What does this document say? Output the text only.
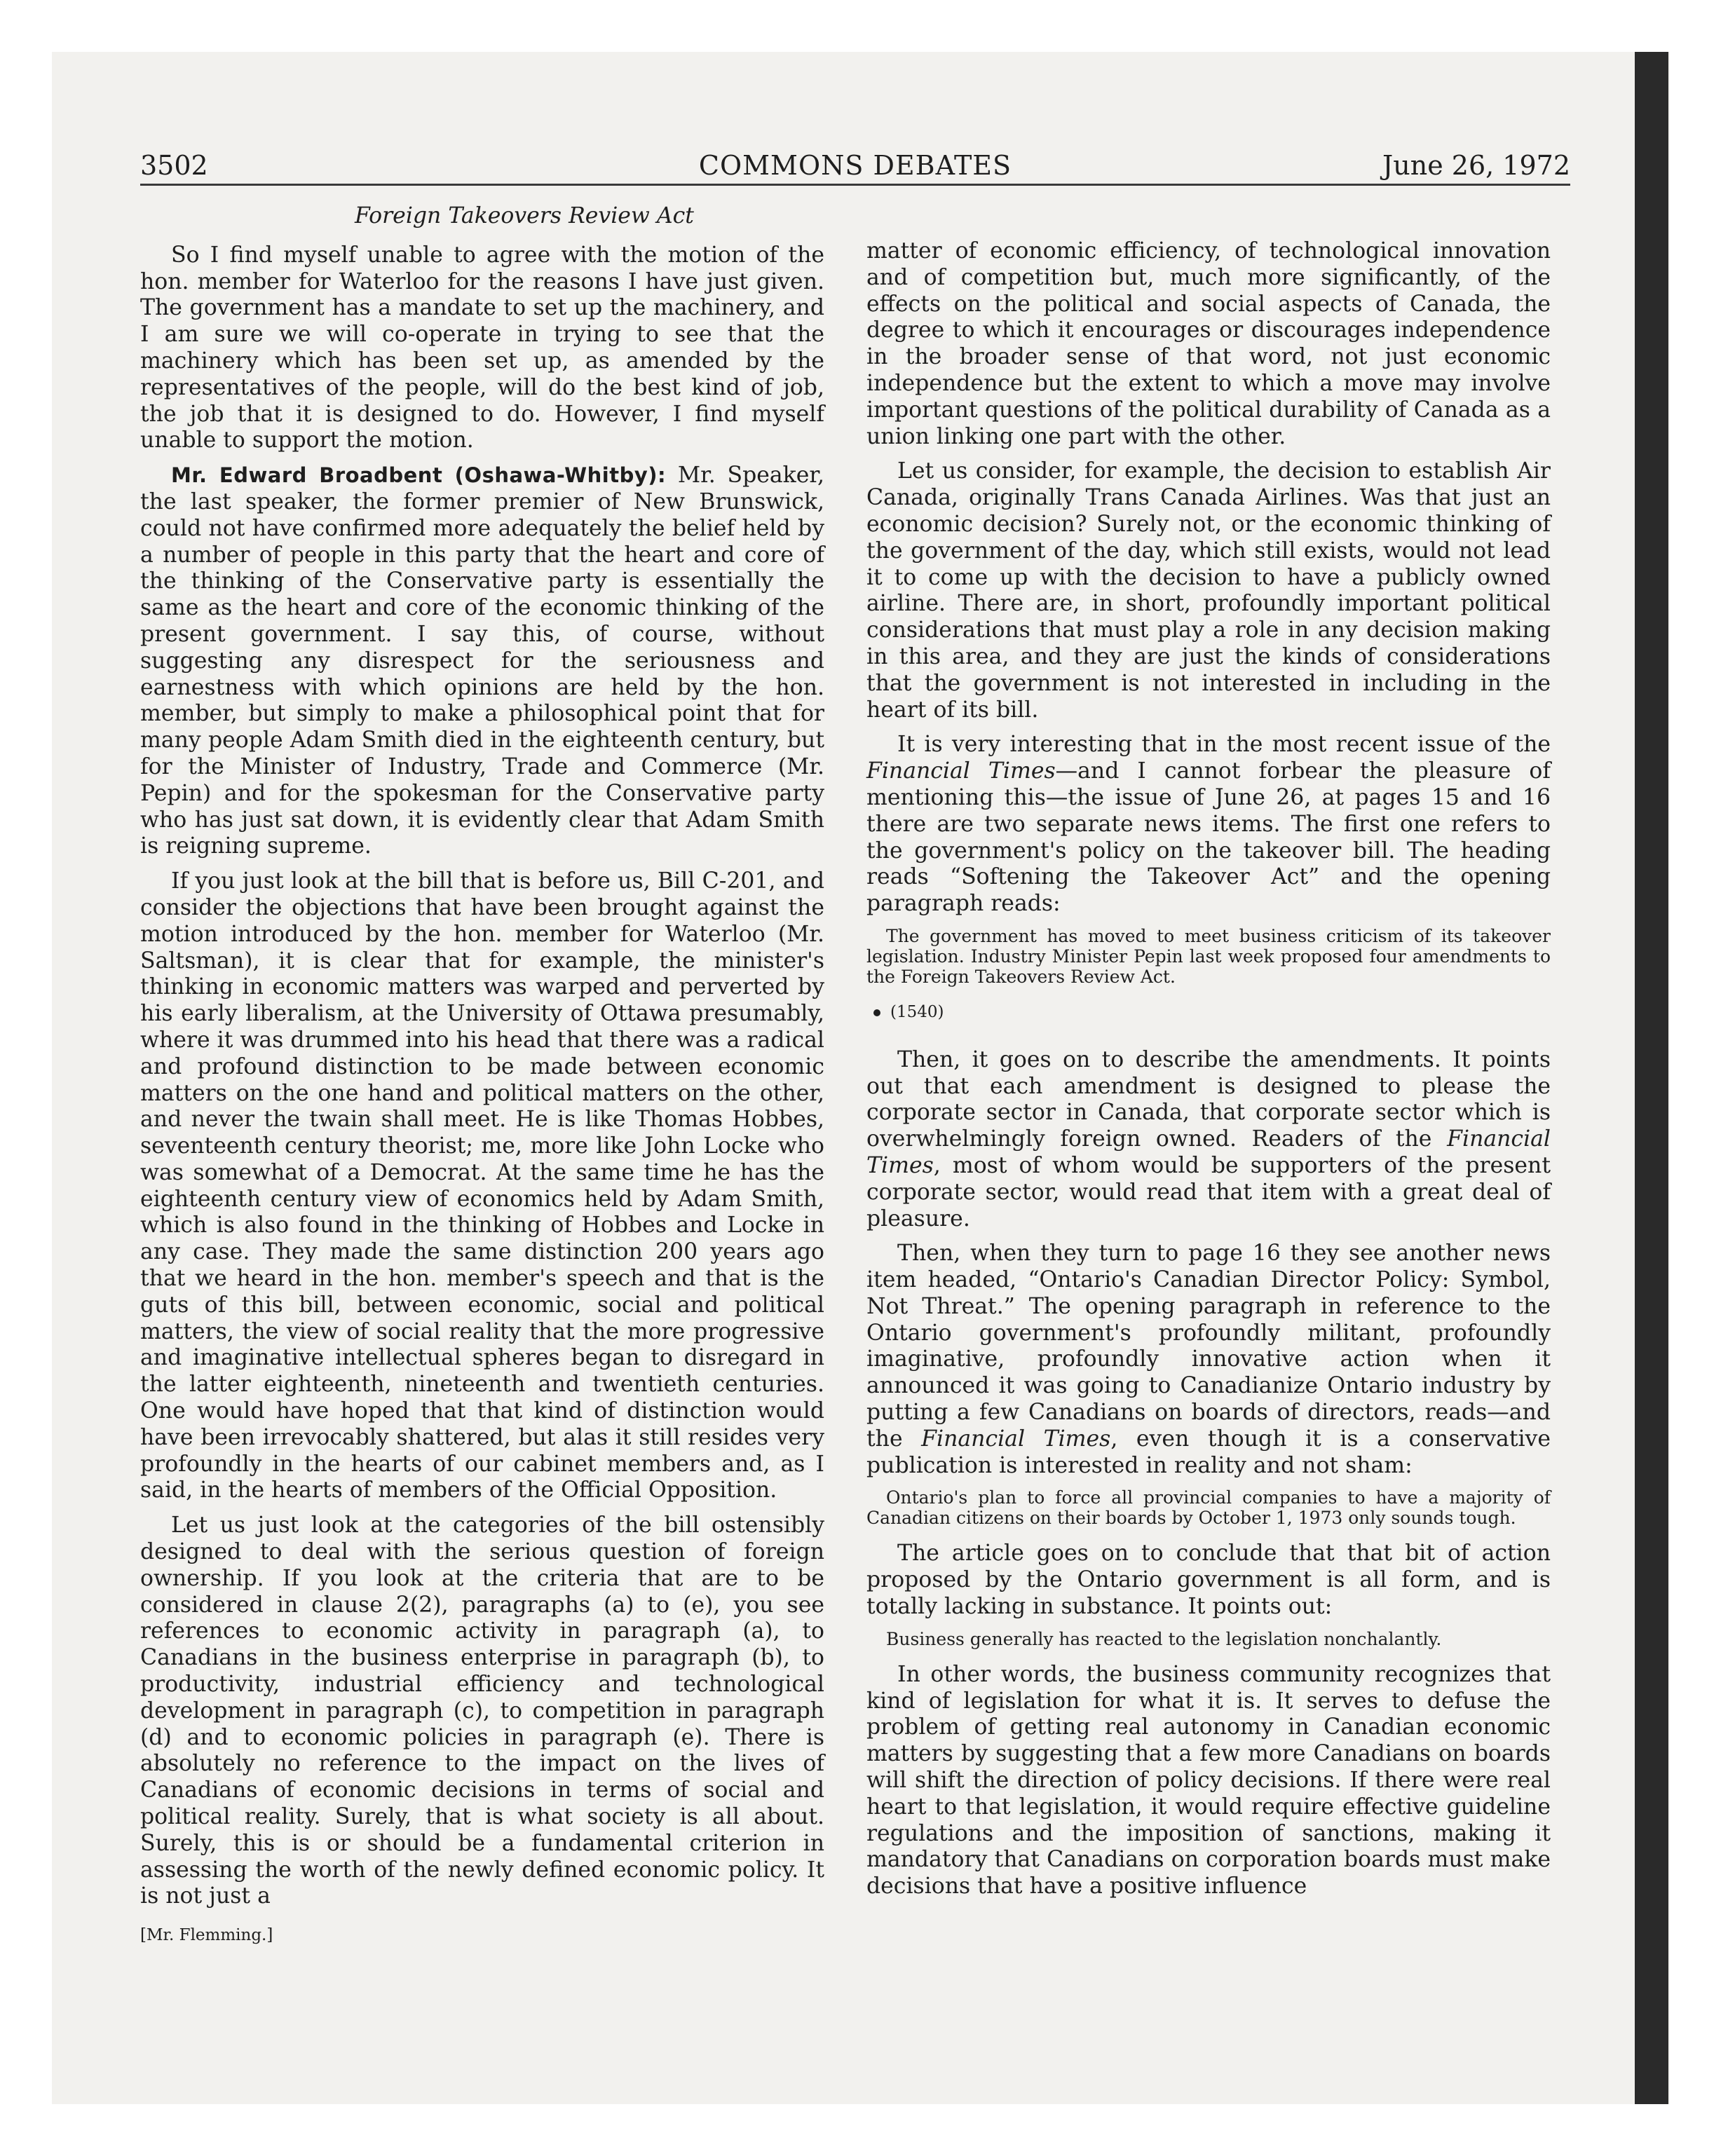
3502	COMMONS DEBATES	June 26, 1972
Foreign Takeovers Review Act

So I find myself unable to agree with the motion of the hon. member for Waterloo for the reasons I have just given. The government has a mandate to set up the machinery, and I am sure we will co-operate in trying to see that the machinery which has been set up, as amended by the representatives of the people, will do the best kind of job, the job that it is designed to do. However, I find myself unable to support the motion.

Mr. Edward Broadbent (Oshawa-Whitby): Mr. Speaker, the last speaker, the former premier of New Brunswick, could not have confirmed more adequately the belief held by a number of people in this party that the heart and core of the thinking of the Conservative party is essentially the same as the heart and core of the economic thinking of the present government. I say this, of course, without suggesting any disrespect for the seriousness and earnestness with which opinions are held by the hon. member, but simply to make a philosophical point that for many people Adam Smith died in the eighteenth century, but for the Minister of Industry, Trade and Commerce (Mr. Pepin) and for the spokesman for the Conservative party who has just sat down, it is evidently clear that Adam Smith is reigning supreme.

If you just look at the bill that is before us, Bill C-201, and consider the objections that have been brought against the motion introduced by the hon. member for Waterloo (Mr. Saltsman), it is clear that for example, the minister's thinking in economic matters was warped and perverted by his early liberalism, at the University of Ottawa presumably, where it was drummed into his head that there was a radical and profound distinction to be made between economic matters on the one hand and political matters on the other, and never the twain shall meet. He is like Thomas Hobbes, seventeenth century theorist; me, more like John Locke who was somewhat of a Democrat. At the same time he has the eighteenth century view of economics held by Adam Smith, which is also found in the thinking of Hobbes and Locke in any case. They made the same distinction 200 years ago that we heard in the hon. member's speech and that is the guts of this bill, between economic, social and political matters, the view of social reality that the more progressive and imaginative intellectual spheres began to disregard in the latter eighteenth, nineteenth and twentieth centuries. One would have hoped that that kind of distinction would have been irrevocably shattered, but alas it still resides very profoundly in the hearts of our cabinet members and, as I said, in the hearts of members of the Official Opposition.

Let us just look at the categories of the bill ostensibly designed to deal with the serious question of foreign ownership. If you look at the criteria that are to be considered in clause 2(2), paragraphs (a) to (e), you see references to economic activity in paragraph (a), to Canadians in the business enterprise in paragraph (b), to productivity, industrial efficiency and technological development in paragraph (c), to competition in paragraph (d) and to economic policies in paragraph (e). There is absolutely no reference to the impact on the lives of Canadians of economic decisions in terms of social and political reality. Surely, that is what society is all about. Surely, this is or should be a fundamental criterion in assessing the worth of the newly defined economic policy. It is not just a

[Mr. Flemming.]

matter of economic efficiency, of technological innovation and of competition but, much more significantly, of the effects on the political and social aspects of Canada, the degree to which it encourages or discourages independence in the broader sense of that word, not just economic independence but the extent to which a move may involve important questions of the political durability of Canada as a union linking one part with the other.

Let us consider, for example, the decision to establish Air Canada, originally Trans Canada Airlines. Was that just an economic decision? Surely not, or the economic thinking of the government of the day, which still exists, would not lead it to come up with the decision to have a publicly owned airline. There are, in short, profoundly important political considerations that must play a role in any decision making in this area, and they are just the kinds of considerations that the government is not interested in including in the heart of its bill.

It is very interesting that in the most recent issue of the Financial Times—and I cannot forbear the pleasure of mentioning this—the issue of June 26, at pages 15 and 16 there are two separate news items. The first one refers to the government's policy on the takeover bill. The heading reads “Softening the Takeover Act” and the opening paragraph reads:

The government has moved to meet business criticism of its takeover legislation. Industry Minister Pepin last week proposed four amendments to the Foreign Takeovers Review Act.
(1540)

Then, it goes on to describe the amendments. It points out that each amendment is designed to please the corporate sector in Canada, that corporate sector which is overwhelmingly foreign owned. Readers of the Financial Times, most of whom would be supporters of the present corporate sector, would read that item with a great deal of pleasure.

Then, when they turn to page 16 they see another news item headed, “Ontario's Canadian Director Policy: Symbol, Not Threat.” The opening paragraph in reference to the Ontario government's profoundly militant, profoundly imaginative, profoundly innovative action when it announced it was going to Canadianize Ontario industry by putting a few Canadians on boards of directors, reads—and the Financial Times, even though it is a conservative publication is interested in reality and not sham:

Ontario's plan to force all provincial companies to have a majority of Canadian citizens on their boards by October 1, 1973 only sounds tough.

The article goes on to conclude that that bit of action proposed by the Ontario government is all form, and is totally lacking in substance. It points out:

Business generally has reacted to the legislation nonchalantly.

In other words, the business community recognizes that kind of legislation for what it is. It serves to defuse the problem of getting real autonomy in Canadian economic matters by suggesting that a few more Canadians on boards will shift the direction of policy decisions. If there were real heart to that legislation, it would require effective guideline regulations and the imposition of sanctions, making it mandatory that Canadians on corporation boards must make decisions that have a positive influence
